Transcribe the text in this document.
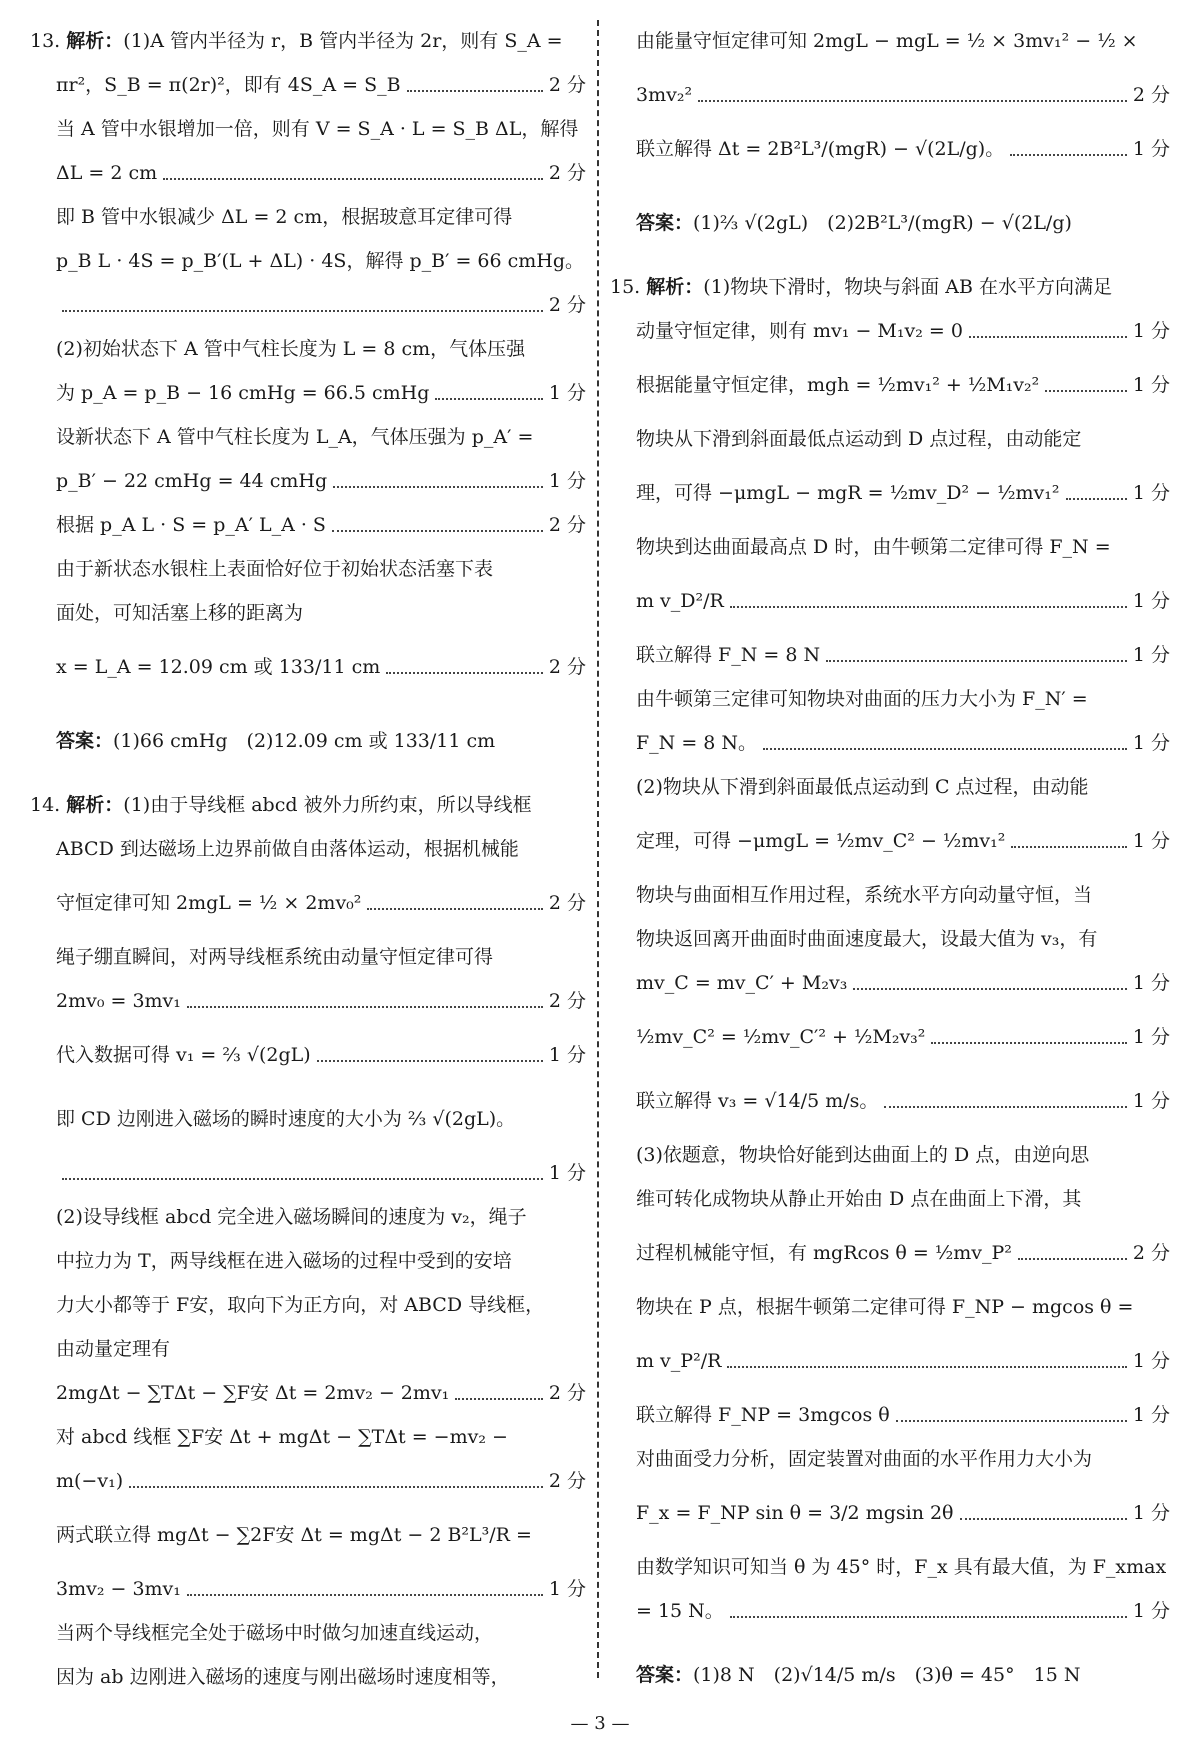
13. 解析：(1)A 管内半径为 r，B 管内半径为 2r，则有 S_A =
πr²，S_B = π(2r)²，即有 4S_A = S_B	2 分
当 A 管中水银增加一倍，则有 V = S_A · L = S_B ΔL，解得
ΔL = 2 cm	2 分
即 B 管中水银减少 ΔL = 2 cm，根据玻意耳定律可得
p_B L · 4S = p_B′(L + ΔL) · 4S，解得 p_B′ = 66 cmHg。
2 分
(2)初始状态下 A 管中气柱长度为 L = 8 cm，气体压强
为 p_A = p_B − 16 cmHg = 66.5 cmHg	1 分
设新状态下 A 管中气柱长度为 L_A，气体压强为 p_A′ =
p_B′ − 22 cmHg = 44 cmHg	1 分
根据 p_A L · S = p_A′ L_A · S	2 分
由于新状态水银柱上表面恰好位于初始状态活塞下表
面处，可知活塞上移的距离为
x = L_A = 12.09 cm 或 133/11 cm	2 分
答案：(1)66 cmHg　(2)12.09 cm 或 133/11 cm
14. 解析：(1)由于导线框 abcd 被外力所约束，所以导线框
ABCD 到达磁场上边界前做自由落体运动，根据机械能
守恒定律可知 2mgL = ½ × 2mv₀²	2 分
绳子绷直瞬间，对两导线框系统由动量守恒定律可得
2mv₀ = 3mv₁	2 分
代入数据可得 v₁ = ⅔ √(2gL)	1 分
即 CD 边刚进入磁场的瞬时速度的大小为 ⅔ √(2gL)。
1 分
(2)设导线框 abcd 完全进入磁场瞬间的速度为 v₂，绳子
中拉力为 T，两导线框在进入磁场的过程中受到的安培
力大小都等于 F安，取向下为正方向，对 ABCD 导线框，
由动量定理有
2mgΔt − ∑TΔt − ∑F安 Δt = 2mv₂ − 2mv₁	2 分
对 abcd 线框 ∑F安 Δt + mgΔt − ∑TΔt = −mv₂ −
m(−v₁)	2 分
两式联立得 mgΔt − ∑2F安 Δt = mgΔt − 2 B²L³/R =
3mv₂ − 3mv₁	1 分
当两个导线框完全处于磁场中时做匀加速直线运动，
因为 ab 边刚进入磁场的速度与刚出磁场时速度相等，
由能量守恒定律可知 2mgL − mgL = ½ × 3mv₁² − ½ ×
3mv₂²	2 分
联立解得 Δt = 2B²L³/(mgR) − √(2L/g)。	1 分
答案：(1)⅔ √(2gL)　(2)2B²L³/(mgR) − √(2L/g)
15. 解析：(1)物块下滑时，物块与斜面 AB 在水平方向满足
动量守恒定律，则有 mv₁ − M₁v₂ = 0	1 分
根据能量守恒定律，mgh = ½mv₁² + ½M₁v₂²	1 分
物块从下滑到斜面最低点运动到 D 点过程，由动能定
理，可得 −μmgL − mgR = ½mv_D² − ½mv₁²	1 分
物块到达曲面最高点 D 时，由牛顿第二定律可得 F_N =
m v_D²/R	1 分
联立解得 F_N = 8 N	1 分
由牛顿第三定律可知物块对曲面的压力大小为 F_N′ =
F_N = 8 N。	1 分
(2)物块从下滑到斜面最低点运动到 C 点过程，由动能
定理，可得 −μmgL = ½mv_C² − ½mv₁²	1 分
物块与曲面相互作用过程，系统水平方向动量守恒，当
物块返回离开曲面时曲面速度最大，设最大值为 v₃，有
mv_C = mv_C′ + M₂v₃	1 分
½mv_C² = ½mv_C′² + ½M₂v₃²	1 分
联立解得 v₃ = √14/5 m/s。	1 分
(3)依题意，物块恰好能到达曲面上的 D 点，由逆向思
维可转化成物块从静止开始由 D 点在曲面上下滑，其
过程机械能守恒，有 mgRcos θ = ½mv_P²	2 分
物块在 P 点，根据牛顿第二定律可得 F_NP − mgcos θ =
m v_P²/R	1 分
联立解得 F_NP = 3mgcos θ	1 分
对曲面受力分析，固定装置对曲面的水平作用力大小为
F_x = F_NP sin θ = 3/2 mgsin 2θ	1 分
由数学知识可知当 θ 为 45° 时，F_x 具有最大值，为 F_xmax
= 15 N。	1 分
答案：(1)8 N　(2)√14/5 m/s　(3)θ = 45°　15 N
— 3 —
